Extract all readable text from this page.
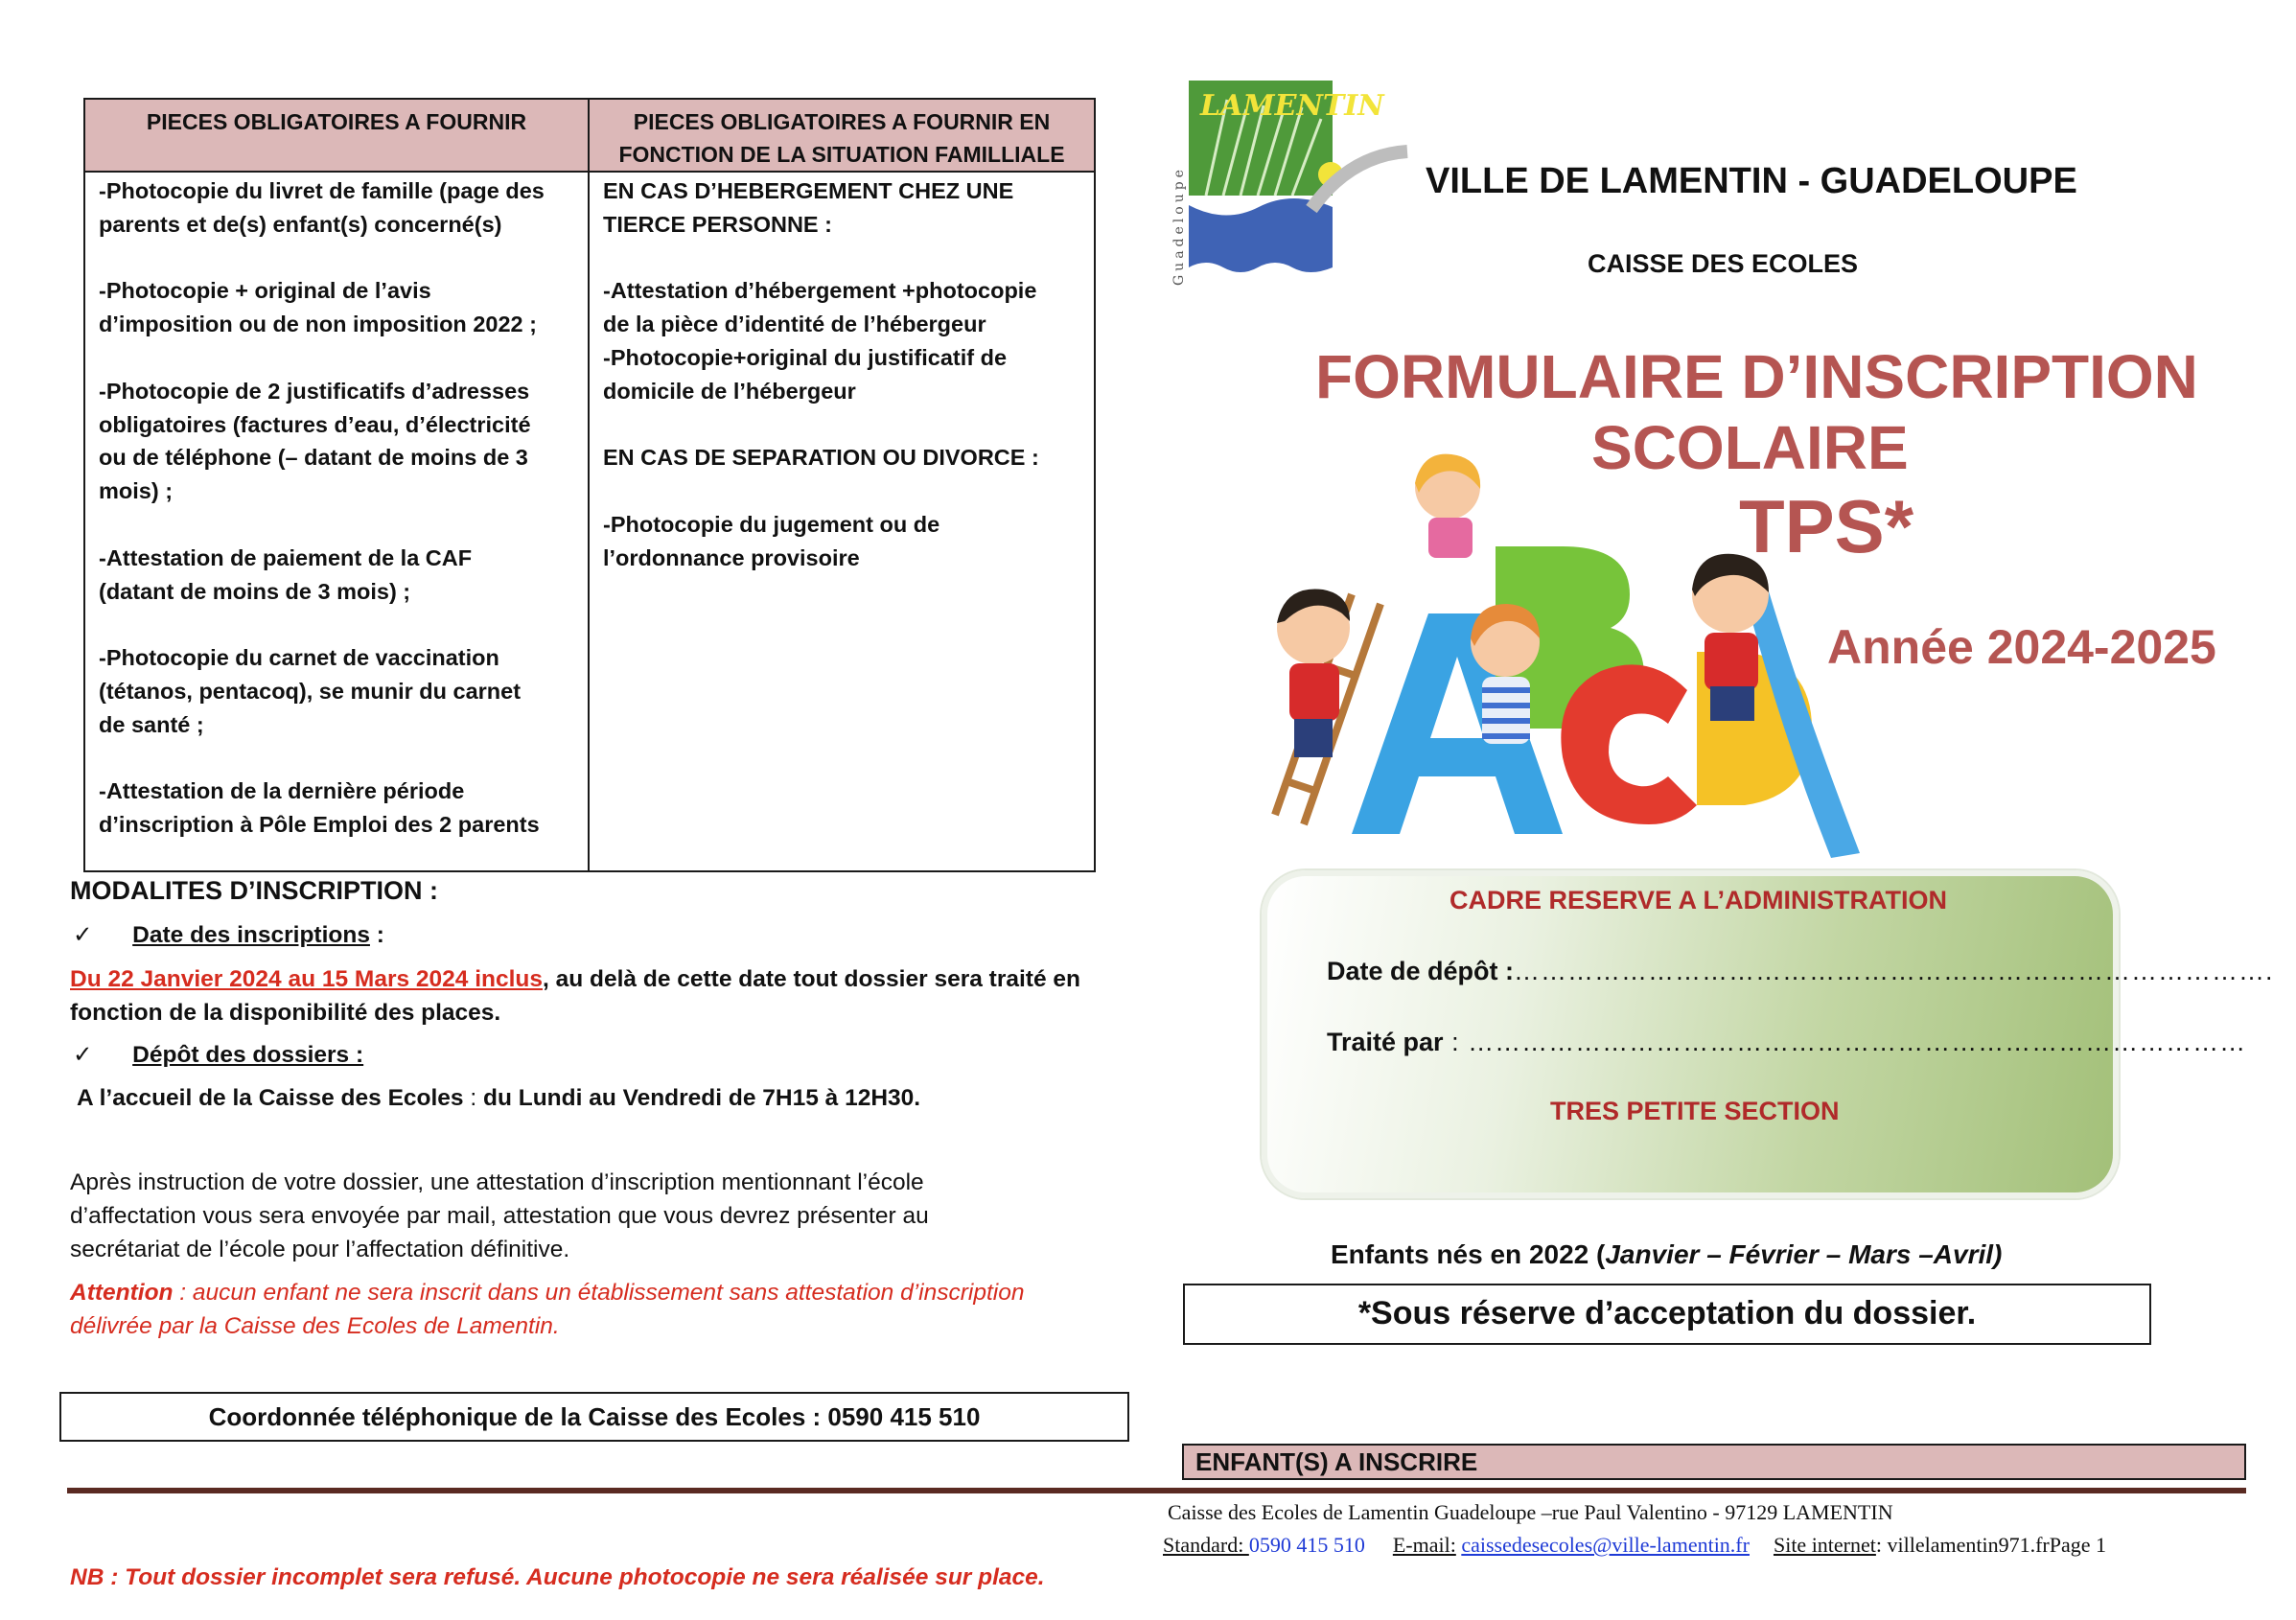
PIECES OBLIGATOIRES A FOURNIR

-Photocopie du livret de famille (page des

parents et de(s) enfant(s) concerné(s)

-Photocopie + original de l’avis

d’imposition ou de non imposition 2022 ;

-Photocopie de 2 justificatifs d’adresses

obligatoires (factures d’eau, d’électricité

ou de téléphone (– datant de moins de 3

mois) ;

-Attestation de paiement de la CAF

(datant de moins de 3 mois) ;

-Photocopie du carnet de vaccination

(tétanos, pentacoq), se munir du carnet

de santé ;

-Attestation de la dernière période

d’inscription à Pôle Emploi des 2 parents

PIECES OBLIGATOIRES A FOURNIR EN
FONCTION DE LA SITUATION FAMILLIALE

EN CAS D’HEBERGEMENT CHEZ UNE

TIERCE PERSONNE :

-Attestation d’hébergement +photocopie

de la pièce d’identité de l’hébergeur

-Photocopie+original du justificatif de

domicile de l’hébergeur

EN CAS DE SEPARATION OU DIVORCE :

-Photocopie du jugement ou de

l’ordonnance provisoire

MODALITES D’INSCRIPTION :
✓ Date des inscriptions :
Du 22 Janvier 2024 au 15 Mars 2024 inclus, au delà de cette date tout dossier sera traité en
fonction de la disponibilité des places.
✓ Dépôt des dossiers :
A l’accueil de la Caisse des Ecoles : du Lundi au Vendredi de 7H15 à 12H30.
Après instruction de votre dossier, une attestation d’inscription mentionnant l’école
d’affectation vous sera envoyée par mail, attestation que vous devrez présenter au
secrétariat de l’école pour l’affectation définitive.
Attention : aucun enfant ne sera inscrit dans un établissement sans attestation d’inscription
délivrée par la Caisse des Ecoles de Lamentin.
Coordonnée téléphonique de la Caisse des Ecoles : 0590 415 510
NB : Tout dossier incomplet sera refusé. Aucune photocopie ne sera réalisée sur place.
LAMENTIN
Guadeloupe	VILLE DE LAMENTIN - GUADELOUPE
CAISSE DES ECOLES
FORMULAIRE D’INSCRIPTION
SCOLAIRE
TPS*
Année 2024-2025
CADRE RESERVE A L’ADMINISTRATION
Date de dépôt :………………………………………………………………………….
Traité par : ……………………………………………………………………………
TRES PETITE SECTION
Enfants nés en 2022 (Janvier – Février – Mars –Avril)
*Sous réserve d’acceptation du dossier.
ENFANT(S) A INSCRIRE
Caisse des Ecoles de Lamentin Guadeloupe –rue Paul Valentino - 97129 LAMENTIN
Standard: 0590 415 510 E-mail: caissedesecoles@ville-lamentin.fr Site internet: villelamentin971.frPage 1
